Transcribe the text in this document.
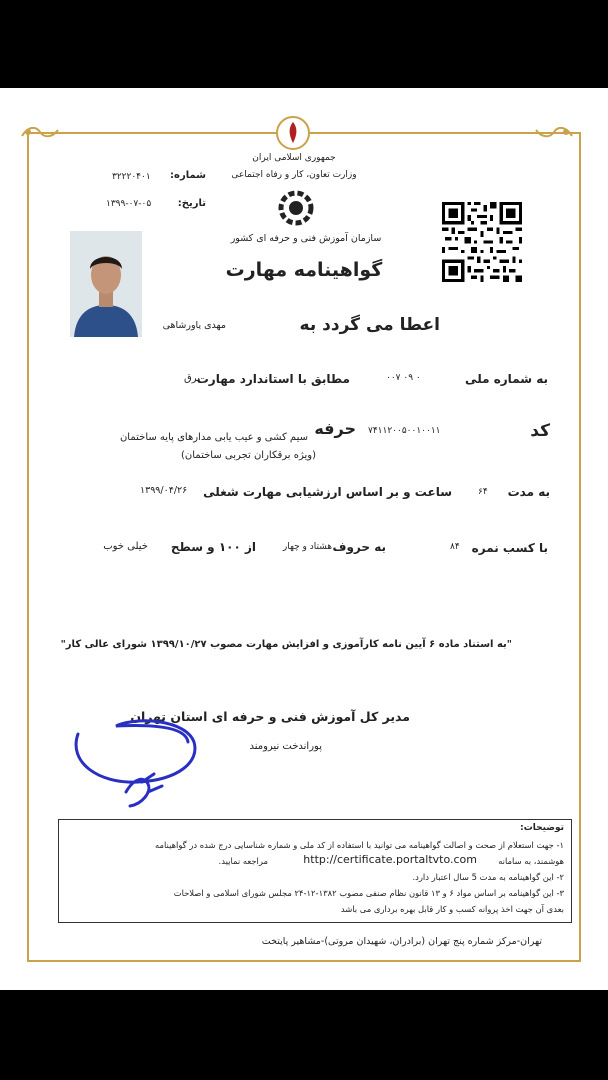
جمهوری اسلامی ایران
وزارت تعاون، کار و رفاه اجتماعی
سازمان آموزش فنی و حرفه ای کشور
شماره:
۳۲۲۲۰۴۰۱
تاریخ:
۱۳۹۹-۰۷-۰۵
گواهینامه مهارت
اعطا می گردد به
مهدی یاورشاهی
به شماره ملی
۰۰۷ ۰۹ ۰
مطابق با استاندارد مهارت
برق
کد
۷۴۱۱۲۰۰۵۰۰۱۰۰۱۱
حرفه
سیم کشی و عیب یابی مدارهای پایه ساختمان
(ویژه برقکاران تجربی ساختمان)
به مدت
۶۴
ساعت و بر اساس ارزشیابی مهارت شغلی
۱۳۹۹/۰۴/۲۶
با کسب نمره
۸۴
به حروف
هشتاد و چهار
از ۱۰۰ و سطح
خیلی خوب
"به استناد ماده ۶ آیین نامه کارآموزی و افزایش مهارت مصوب ۱۳۹۹/۱۰/۲۷ شورای عالی کار"
مدیر کل آموزش فنی و حرفه ای استان تهران
پوراندخت نیرومند
توضیحات:
۱- جهت استعلام از صحت و اصالت گواهینامه می توانید با استفاده از کد ملی و شماره شناسایی درج شده در گواهینامه
هوشمند، به سامانه
http://certificate.portaltvto.com
مراجعه نمایید.
۲- این گواهینامه به مدت 5 سال اعتبار دارد.
۳- این گواهینامه بر اساس مواد ۶ و ۱۳ قانون نظام صنفی مصوب ۱۳۸۲-۱۲-۲۴ مجلس شورای اسلامی و اصلاحات
بعدی آن جهت اخذ پروانه کسب و کار قابل بهره برداری می باشد
تهران-مرکز شماره پنج تهران (برادران، شهیدان مروتی)-مشاهیر پایتخت
